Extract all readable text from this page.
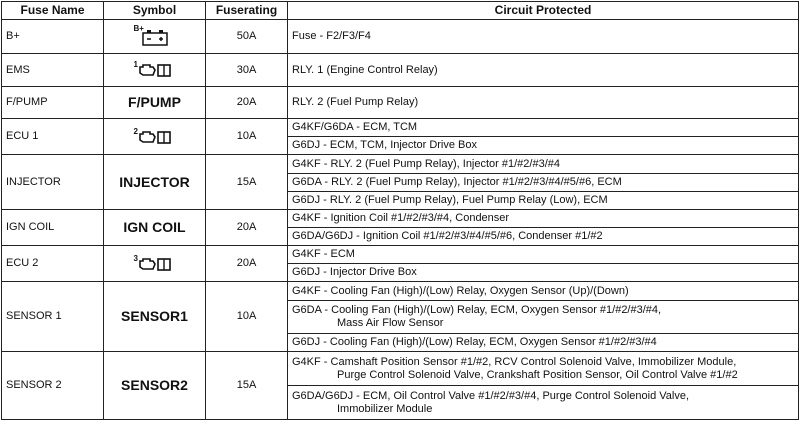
Fuse Name	Symbol	Fuserating	Circuit Protected
B+	B+	50A	Fuse - F2/F3/F4
EMS	1	30A	RLY. 1 (Engine Control Relay)
F/PUMP	F/PUMP	20A	RLY. 2 (Fuel Pump Relay)
ECU 1	2	10A	G4KF/G6DA - ECM, TCM
			G6DJ - ECM, TCM, Injector Drive Box
INJECTOR	INJECTOR	15A	G4KF - RLY. 2 (Fuel Pump Relay), Injector #1/#2/#3/#4
			G6DA - RLY. 2 (Fuel Pump Relay), Injector #1/#2/#3/#4/#5/#6, ECM
			G6DJ - RLY. 2 (Fuel Pump Relay), Fuel Pump Relay (Low), ECM
IGN COIL	IGN COIL	20A	G4KF - Ignition Coil #1/#2/#3/#4, Condenser
			G6DA/G6DJ - Ignition Coil #1/#2/#3/#4/#5/#6, Condenser #1/#2
ECU 2	3	20A	G4KF - ECM
			G6DJ - Injector Drive Box
SENSOR 1	SENSOR1	10A	G4KF - Cooling Fan (High)/(Low) Relay, Oxygen Sensor (Up)/(Down)
			G6DA - Cooling Fan (High)/(Low) Relay, ECM, Oxygen Sensor #1/#2/#3/#4,
Mass Air Flow Sensor

			G6DJ - Cooling Fan (High)/(Low) Relay, ECM, Oxygen Sensor #1/#2/#3/#4
SENSOR 2	SENSOR2	15A	G4KF - Camshaft Position Sensor #1/#2, RCV Control Solenoid Valve, Immobilizer Module,
Purge Control Solenoid Valve, Crankshaft Position Sensor, Oil Control Valve #1/#2

			G6DA/G6DJ - ECM, Oil Control Valve #1/#2/#3/#4, Purge Control Solenoid Valve,
Immobilizer Module
